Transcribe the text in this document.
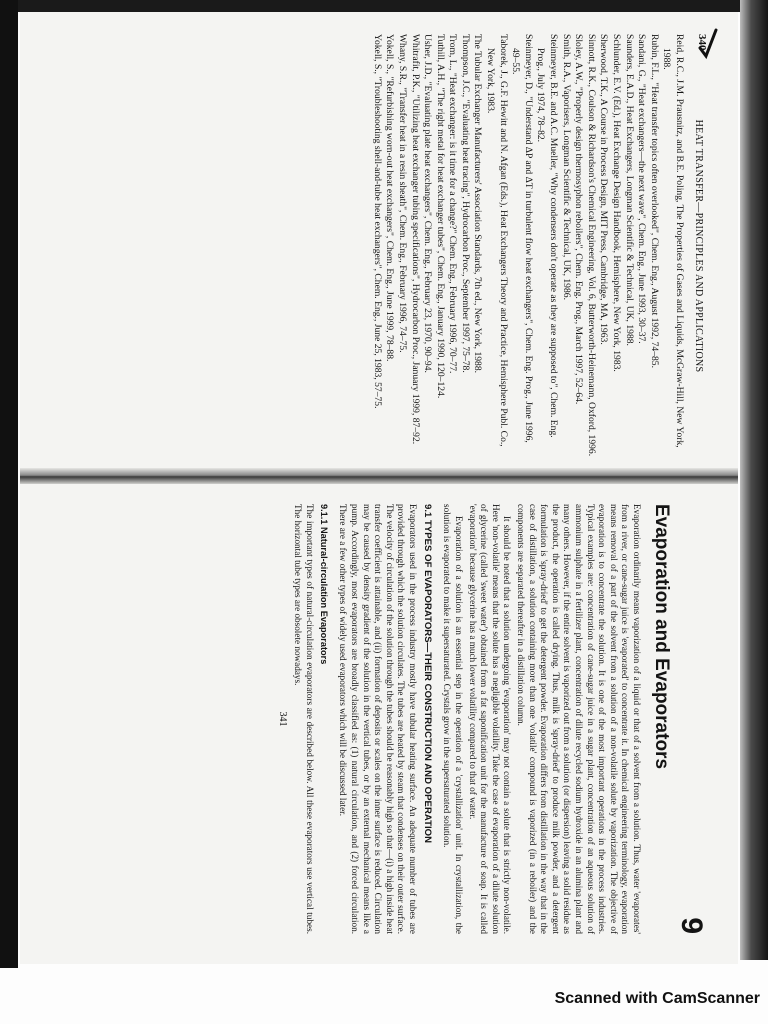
340
HEAT TRANSFER—PRINCIPLES AND APPLICATIONS
Reid, R.C., J.M. Prausnitz, and B.E. Poling, The Properties of Gases and Liquids, McGraw-Hill, New York, 1988.
Rubin, F.L., "Heat transfer topics often overlooked", Chem. Eng., August 1992, 74–85.
Sandani, G., "Heat exchangers—the next wave", Chem. Eng., June 1993, 30–37.
Saunders, E.A.D., Heat Exchangers, Longman Scientific & Technical, UK, 1988.
Schlunder, E.V. (Ed.), Heat Exchange Design Handbook, Hemisphere, New York, 1983.
Sherwood, T.K., A Course in Process Design, MIT Press, Cambridge, MA, 1963.
Sinnott, R.K., Coulson & Richardson's Chemical Engineering, Vol. 6, Butterworth-Heinemann, Oxford, 1996.
Sloley, A.W., "Properly design thermosyphon reboilers", Chem. Eng. Prog., March 1997, 52–64.
Smith, R.A., Vaporisers, Longman Scientific & Technical, UK, 1986.
Steinmeyer, B.E. and A.C. Mueller, "Why condensers don't operate as they are supposed to", Chem. Eng. Prog., July 1974, 78–82.
Steinmeyer, D., "Understand ΔP and ΔT in turbulent flow heat exchangers", Chem. Eng. Prog., June 1996, 49–55.
Taborek, J., G.F. Hewitt and N. Afgan (Eds.), Heat Exchangers Theory and Practice, Hemisphere Publ. Co., New York, 1983.
The Tubular Exchanger Manufacturers' Association Standards, 7th ed., New York, 1988.
Thompson, J.C., "Evaluating heat tracing", Hydrocarbon Proc., September 1997, 75–78.
Trom, L., "Heat exchanger: is it time for a change?" Chem. Eng., February 1996, 70–77.
Tuthill, A.H., "The right metal for heat exchanger tubes", Chem. Eng., January 1990, 120–124.
Usher, J.D., "Evaluating plate heat exchangers", Chem. Eng., February 23, 1970, 90–94.
Whitrafit, P.K., "Utilizing heat exchanger tubing specifications", Hydrocarbon Proc., January 1999, 87–92.
Whany, S.R., "Transfer heat in a resin sheath", Chem. Eng., February 1996, 74–75.
Yokell, S., "Refurbishing worn-out heat exchangers", Chem. Eng., June 1999, 78–88.
Yokell, S., "Troubleshooting shell-and-tube heat exchangers", Chem. Eng., June 25, 1983, 57–75.
9
Evaporation and Evaporators

Evaporation ordinarily means vaporization of a liquid or that of a solvent from a solution. Thus, water 'evaporates' from a river, or cane-sugar juice is 'evaporated' to concentrate it. In chemical engineering terminology, evaporation means removal of a part of the solvent from a solution of a non-volatile solute by vaporization. The objective of evaporation is to concentrate the solution. It is one of the most important operations in the process industries. Typical examples are: concentration of cane-sugar juice in a sugar plant, concentration of an aqueous solution of ammonium sulphate in a fertilizer plant, concentration of dilute recycled sodium hydroxide in an alumina plant and many others. However, if the entire solvent is vaporized out from a solution (or dispersion) leaving a solid residue as the product, the operation is called drying. Thus, milk is 'spray-dried' to produce milk powder, and a detergent formulation is 'spray-dried' to get the detergent powder. Evaporation differs from distillation in the way that in the case of distillation, a solution containing more than one 'volatile' compound is vaporized (in a reboiler) and the components are separated thereafter in a distillation column.

It should be noted that a solution undergoing 'evaporation' may not contain a solute that is strictly non-volatile. Here 'non-volatile' means that the solute has a negligible volatility. Take the case of evaporation of a dilute solution of glycerine (called 'sweet water') obtained from a fat saponification unit for the manufacture of soap. It is called 'evaporation' because glycerine has a much lower volatility compared to that of water.

Evaporation of a solution is an essential step in the operation of a 'crystallization' unit. In crystallization, the solution is evaporated to make it supersaturated. Crystals grow in the supersaturated solution.

9.1 TYPES OF EVAPORATORS—THEIR CONSTRUCTION AND OPERATION

Evaporators used in the process industry mostly have tubular heating surface. An adequate number of tubes are provided through which the solution circulates. The tubes are heated by steam that condenses on their outer surface. The velocity of circulation of the solution through the tubes should be reasonably high so that—(i) a high inside heat transfer coefficient is attainable, and (ii) formation of deposits or scales on the inner surface is reduced. Circulation may be caused by density gradient of the solution in the vertical tubes, or by an external mechanical means like a pump. Accordingly, most evaporators are broadly classified as: (1) natural circulation, and (2) forced circulation. There are a few other types of widely used evaporators which will be discussed later.

9.1.1 Natural-circulation Evaporators

The important types of natural-circulation evaporators are described below. All these evaporators use vertical tubes. The horizontal tube types are obsolete nowadays.

341
Scanned with CamScanner
